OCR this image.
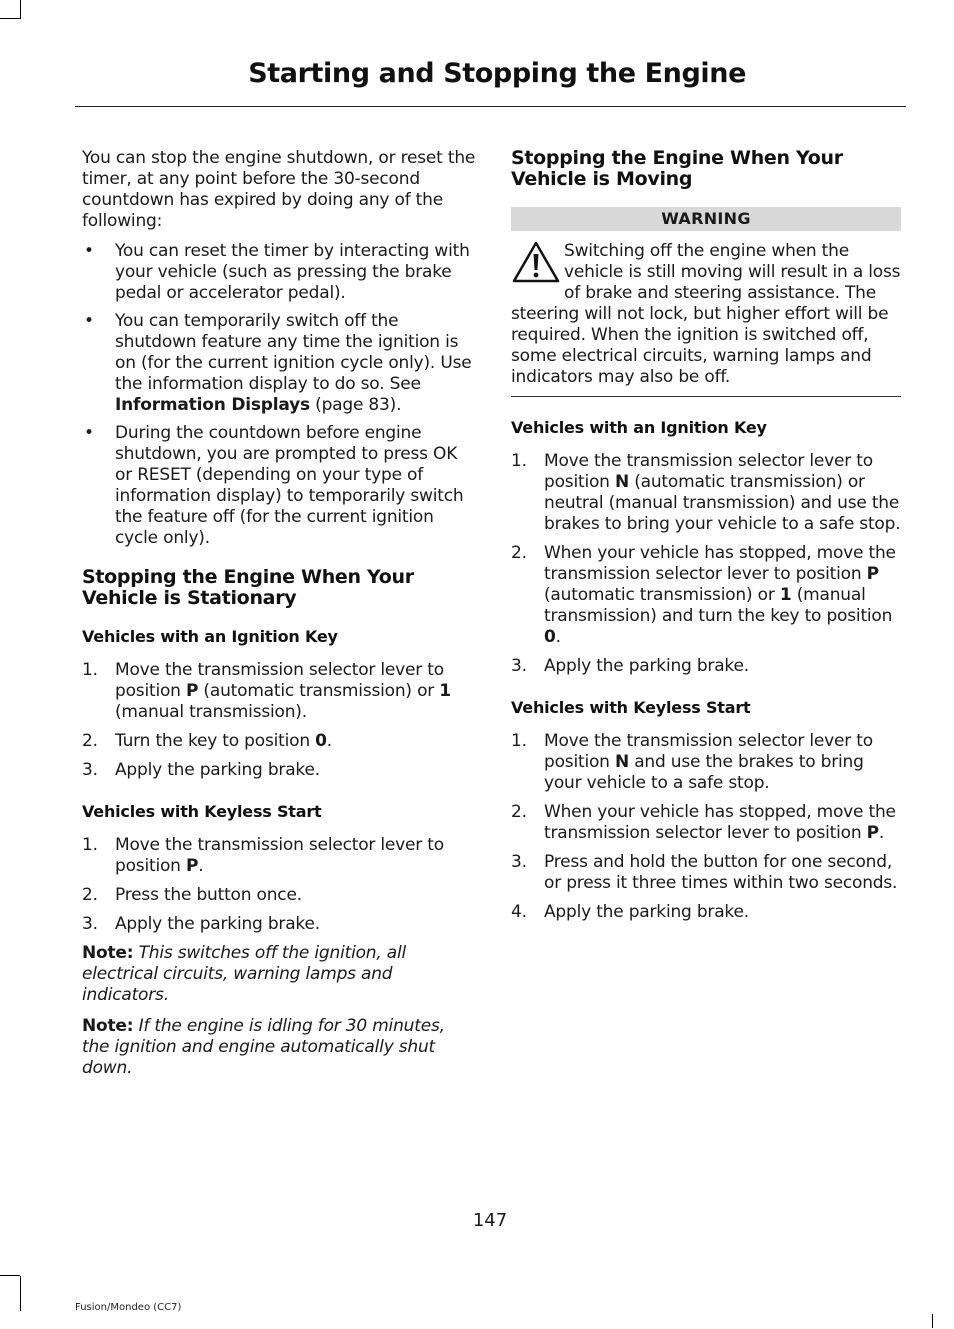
Starting and Stopping the Engine

You can stop the engine shutdown, or reset the timer, at any point before the 30-second countdown has expired by doing any of the following:

• You can reset the timer by interacting with your vehicle (such as pressing the brake pedal or accelerator pedal).
• You can temporarily switch off the shutdown feature any time the ignition is on (for the current ignition cycle only). Use the information display to do so. See Information Displays (page 83).
• During the countdown before engine shutdown, you are prompted to press OK or RESET (depending on your type of information display) to temporarily switch the feature off (for the current ignition cycle only).
Stopping the Engine When Your Vehicle is Stationary
Vehicles with an Ignition Key
1. Move the transmission selector lever to position P (automatic transmission) or 1 (manual transmission).
2. Turn the key to position 0.
3. Apply the parking brake.
Vehicles with Keyless Start
1. Move the transmission selector lever to position P.
2. Press the button once.
3. Apply the parking brake.

Note: This switches off the ignition, all electrical circuits, warning lamps and indicators.

Note: If the engine is idling for 30 minutes, the ignition and engine automatically shut down.

Stopping the Engine When Your Vehicle is Moving
WARNING

Switching off the engine when the vehicle is still moving will result in a loss of brake and steering assistance. The steering will not lock, but higher effort will be required. When the ignition is switched off, some electrical circuits, warning lamps and indicators may also be off.

Vehicles with an Ignition Key
1. Move the transmission selector lever to position N (automatic transmission) or neutral (manual transmission) and use the brakes to bring your vehicle to a safe stop.
2. When your vehicle has stopped, move the transmission selector lever to position P (automatic transmission) or 1 (manual transmission) and turn the key to position 0.
3. Apply the parking brake.
Vehicles with Keyless Start
1. Move the transmission selector lever to position N and use the brakes to bring your vehicle to a safe stop.
2. When your vehicle has stopped, move the transmission selector lever to position P.
3. Press and hold the button for one second, or press it three times within two seconds.
4. Apply the parking brake.
147
Fusion/Mondeo (CC7)
